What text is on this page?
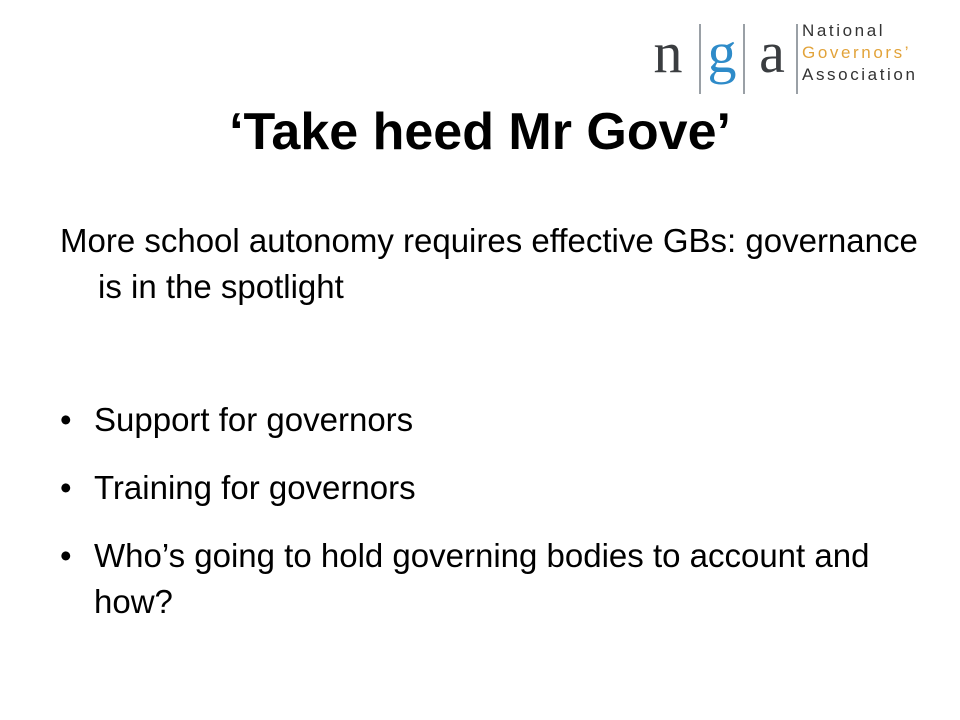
n g a National
Governors’
Association
‘Take heed Mr Gove’

More school autonomy requires effective GBs: governance is in the spotlight

• Support for governors
• Training for governors
• Who’s going to hold governing bodies to account and how?
